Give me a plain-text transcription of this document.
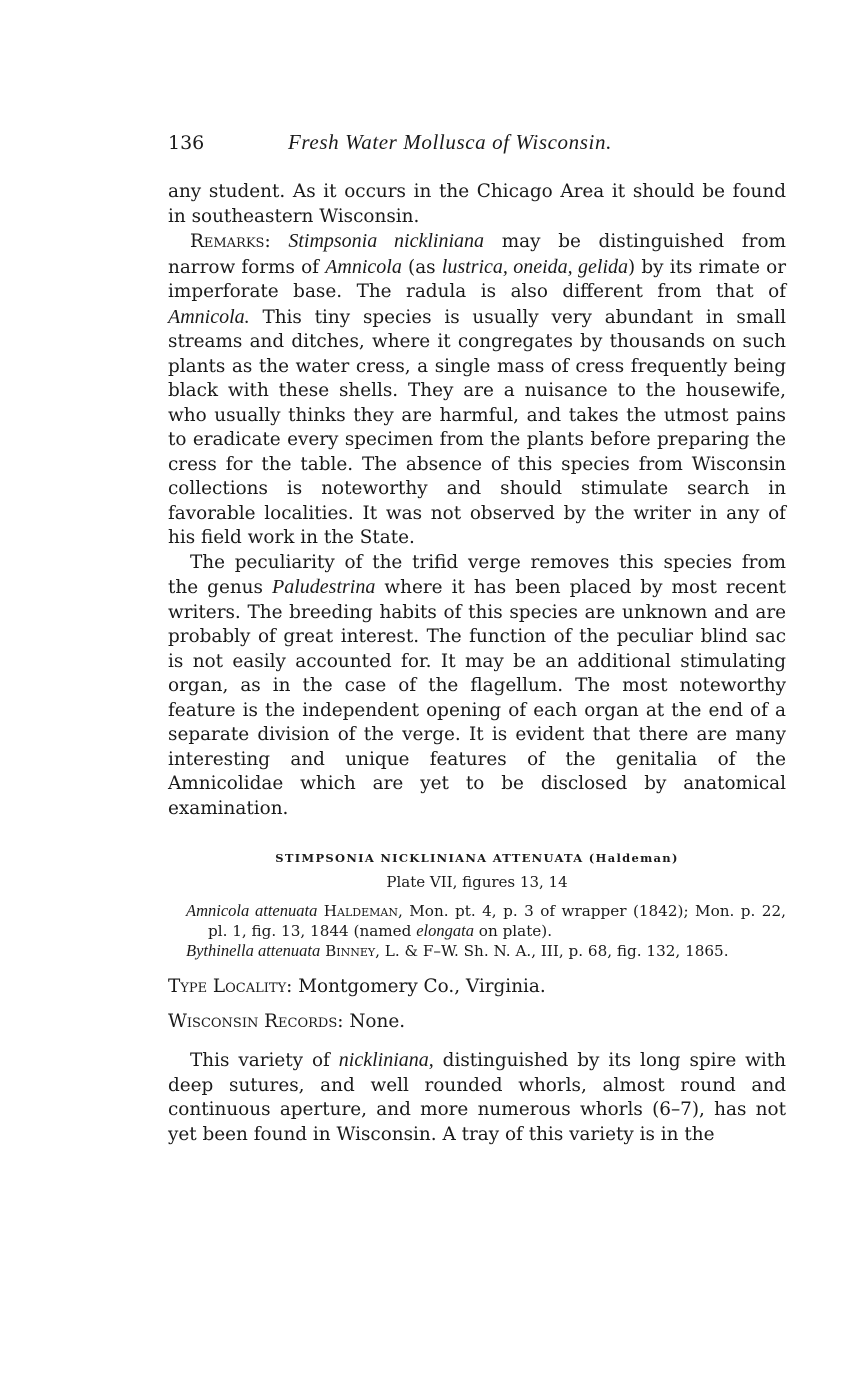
136	Fresh Water Mollusca of Wisconsin.

any student. As it occurs in the Chicago Area it should be found in southeastern Wisconsin.

Remarks: Stimpsonia nickliniana may be distinguished from narrow forms of Amnicola (as lustrica, oneida, gelida) by its rimate or imperforate base. The radula is also different from that of Amnicola. This tiny species is usually very abundant in small streams and ditches, where it congregates by thousands on such plants as the water cress, a single mass of cress frequently being black with these shells. They are a nuisance to the housewife, who usually thinks they are harmful, and takes the utmost pains to eradicate every specimen from the plants before preparing the cress for the table. The absence of this species from Wisconsin collections is noteworthy and should stimulate search in favorable localities. It was not observed by the writer in any of his field work in the State.

The peculiarity of the trifid verge removes this species from the genus Paludestrina where it has been placed by most recent writers. The breeding habits of this species are unknown and are probably of great interest. The function of the peculiar blind sac is not easily accounted for. It may be an additional stimulating organ, as in the case of the flagellum. The most noteworthy feature is the independent opening of each organ at the end of a separate division of the verge. It is evident that there are many interesting and unique features of the genitalia of the Amnicolidae which are yet to be disclosed by anatomical examination.

STIMPSONIA NICKLINIANA ATTENUATA (Haldeman)
Plate VII, figures 13, 14

Amnicola attenuata Haldeman, Mon. pt. 4, p. 3 of wrapper (1842); Mon. p. 22, pl. 1, fig. 13, 1844 (named elongata on plate).

Bythinella attenuata Binney, L. & F–W. Sh. N. A., III, p. 68, fig. 132, 1865.

Type Locality: Montgomery Co., Virginia.
Wisconsin Records: None.

This variety of nickliniana, distinguished by its long spire with deep sutures, and well rounded whorls, almost round and continuous aperture, and more numerous whorls (6–7), has not yet been found in Wisconsin. A tray of this variety is in the
